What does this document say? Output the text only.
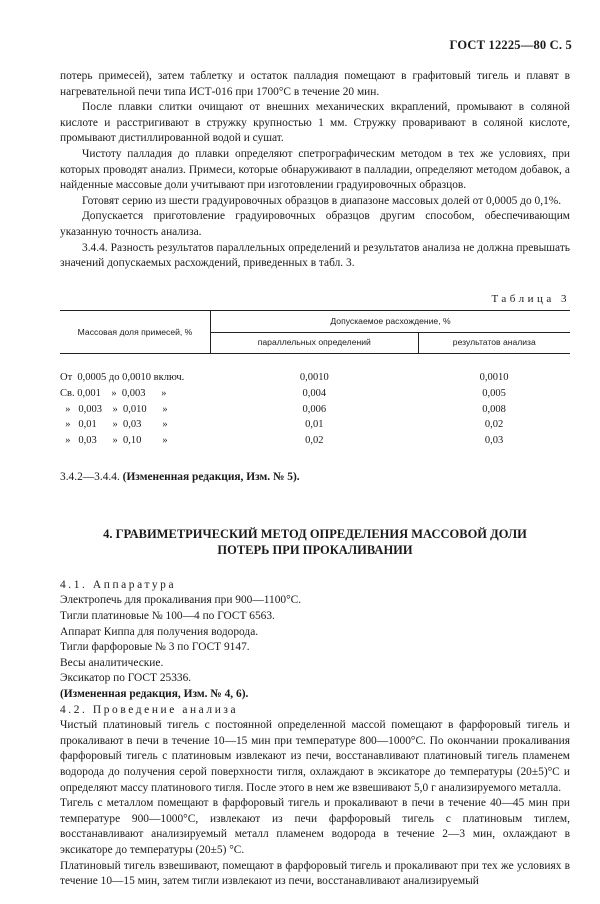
ГОСТ 12225—80 С. 5

потерь примесей), затем таблетку и остаток палладия помещают в графитовый тигель и плавят в нагревательной печи типа ИСТ-016 при 1700°С в течение 20 мин.

После плавки слитки очищают от внешних механических вкраплений, промывают в соляной кислоте и расстригивают в стружку крупностью 1 мм. Стружку проваривают в соляной кислоте, промывают дистиллированной водой и сушат.

Чистоту палладия до плавки определяют спетрографическим методом в тех же условиях, при которых проводят анализ. Примеси, которые обнаруживают в палладии, определяют методом добавок, а найденные массовые доли учитывают при изготовлении градуировочных образцов.

Готовят серию из шести градуировочных образцов в диапазоне массовых долей от 0,0005 до 0,1%.

Допускается приготовление градуировочных образцов другим способом, обеспечивающим указанную точность анализа.

3.4.4. Разность результатов параллельных определений и результатов анализа не должна превышать значений допускаемых расхождений, приведенных в табл. 3.

Таблица 3
Массовая доля примесей, %	Допускаемое расхождение, %	
	параллельных определений	результатов анализа
От  0,0005 до 0,0010 включ.	0,0010	0,0010
Св. 0,001    »  0,003      »	0,004	0,005
»   0,003    »  0,010      »	0,006	0,008
»   0,01      »  0,03        »	0,01	0,02
»   0,03      »  0,10        »	0,02	0,03

3.4.2—3.4.4. (Измененная редакция, Изм. № 5).

4. ГРАВИМЕТРИЧЕСКИЙ МЕТОД ОПРЕДЕЛЕНИЯ МАССОВОЙ ДОЛИ
ПОТЕРЬ ПРИ ПРОКАЛИВАНИИ

4.1. Аппаратура

Электропечь для прокаливания при 900—1100°С.

Тигли платиновые № 100—4 по ГОСТ 6563.

Аппарат Киппа для получения водорода.

Тигли фарфоровые № 3 по ГОСТ 9147.

Весы аналитические.

Эксикатор по ГОСТ 25336.

(Измененная редакция, Изм. № 4, 6).

4.2. Проведение анализа

Чистый платиновый тигель с постоянной определенной массой помещают в фарфоровый тигель и прокаливают в печи в течение 10—15 мин при температуре 800—1000°С. По окончании прокаливания фарфоровый тигель с платиновым извлекают из печи, восстанавливают платиновый тигель пламенем водорода до получения серой поверхности тигля, охлаждают в эксикаторе до температуры (20±5)°С и определяют массу платинового тигля. После этого в нем же взвешивают 5,0 г анализируемого металла.

Тигель с металлом помещают в фарфоровый тигель и прокаливают в печи в течение 40—45 мин при температуре 900—1000°С, извлекают из печи фарфоровый тигель с платиновым тиглем, восстанавливают анализируемый металл пламенем водорода в течение 2—3 мин, охлаждают в эксикаторе до температуры (20±5) °С.

Платиновый тигель взвешивают, помещают в фарфоровый тигель и прокаливают при тех же условиях в течение 10—15 мин, затем тигли извлекают из печи, восстанавливают анализируемый
